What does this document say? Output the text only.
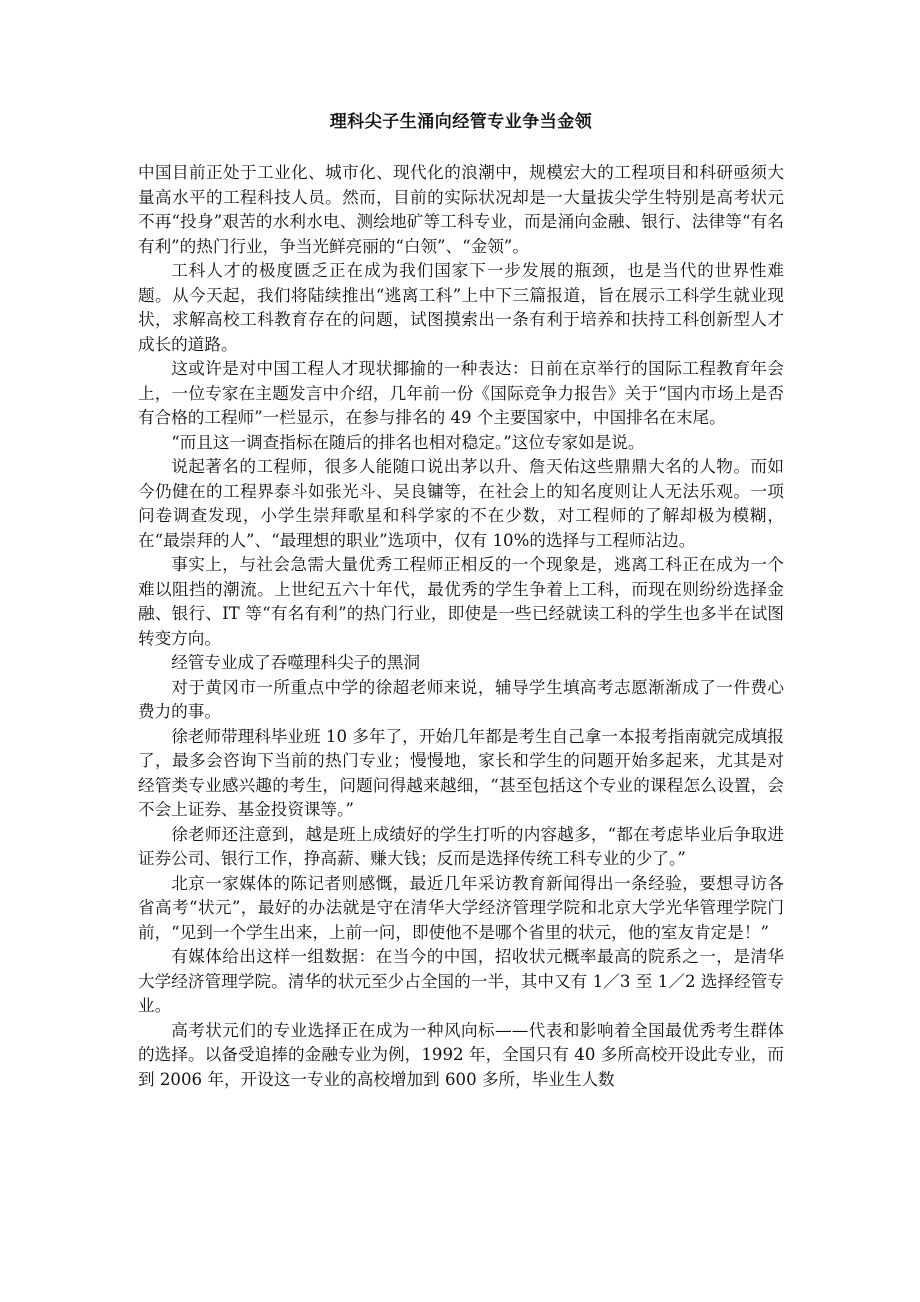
理科尖子生涌向经管专业争当金领

中国目前正处于工业化、城市化、现代化的浪潮中，规模宏大的工程项目和科研亟须大量高水平的工程科技人员。然而，目前的实际状况却是一大量拔尖学生特别是高考状元不再“投身”艰苦的水利水电、测绘地矿等工科专业，而是涌向金融、银行、法律等“有名有利”的热门行业，争当光鲜亮丽的“白领”、“金领”。

工科人才的极度匮乏正在成为我们国家下一步发展的瓶颈，也是当代的世界性难题。从今天起，我们将陆续推出“逃离工科”上中下三篇报道，旨在展示工科学生就业现状，求解高校工科教育存在的问题，试图摸索出一条有利于培养和扶持工科创新型人才成长的道路。

这或许是对中国工程人才现状揶揄的一种表达：日前在京举行的国际工程教育年会上，一位专家在主题发言中介绍，几年前一份《国际竞争力报告》关于“国内市场上是否有合格的工程师”一栏显示，在参与排名的 49 个主要国家中，中国排名在末尾。

“而且这一调查指标在随后的排名也相对稳定。”这位专家如是说。

说起著名的工程师，很多人能随口说出茅以升、詹天佑这些鼎鼎大名的人物。而如今仍健在的工程界泰斗如张光斗、吴良镛等，在社会上的知名度则让人无法乐观。一项问卷调查发现，小学生崇拜歌星和科学家的不在少数，对工程师的了解却极为模糊，在“最崇拜的人”、“最理想的职业”选项中，仅有 10%的选择与工程师沾边。

事实上，与社会急需大量优秀工程师正相反的一个现象是，逃离工科正在成为一个难以阻挡的潮流。上世纪五六十年代，最优秀的学生争着上工科，而现在则纷纷选择金融、银行、IT 等“有名有利”的热门行业，即使是一些已经就读工科的学生也多半在试图转变方向。

经管专业成了吞噬理科尖子的黑洞

对于黄冈市一所重点中学的徐超老师来说，辅导学生填高考志愿渐渐成了一件费心费力的事。

徐老师带理科毕业班 10 多年了，开始几年都是考生自己拿一本报考指南就完成填报了，最多会咨询下当前的热门专业；慢慢地，家长和学生的问题开始多起来，尤其是对经管类专业感兴趣的考生，问题问得越来越细，“甚至包括这个专业的课程怎么设置，会不会上证券、基金投资课等。”

徐老师还注意到，越是班上成绩好的学生打听的内容越多，“都在考虑毕业后争取进证券公司、银行工作，挣高薪、赚大钱；反而是选择传统工科专业的少了。”

北京一家媒体的陈记者则感慨，最近几年采访教育新闻得出一条经验，要想寻访各省高考“状元”，最好的办法就是守在清华大学经济管理学院和北京大学光华管理学院门前，“见到一个学生出来，上前一问，即使他不是哪个省里的状元，他的室友肯定是！”

有媒体给出这样一组数据：在当今的中国，招收状元概率最高的院系之一，是清华大学经济管理学院。清华的状元至少占全国的一半，其中又有 1／3 至 1／2 选择经管专业。

高考状元们的专业选择正在成为一种风向标——代表和影响着全国最优秀考生群体的选择。以备受追捧的金融专业为例，1992 年，全国只有 40 多所高校开设此专业，而到 2006 年，开设这一专业的高校增加到 600 多所，毕业生人数
